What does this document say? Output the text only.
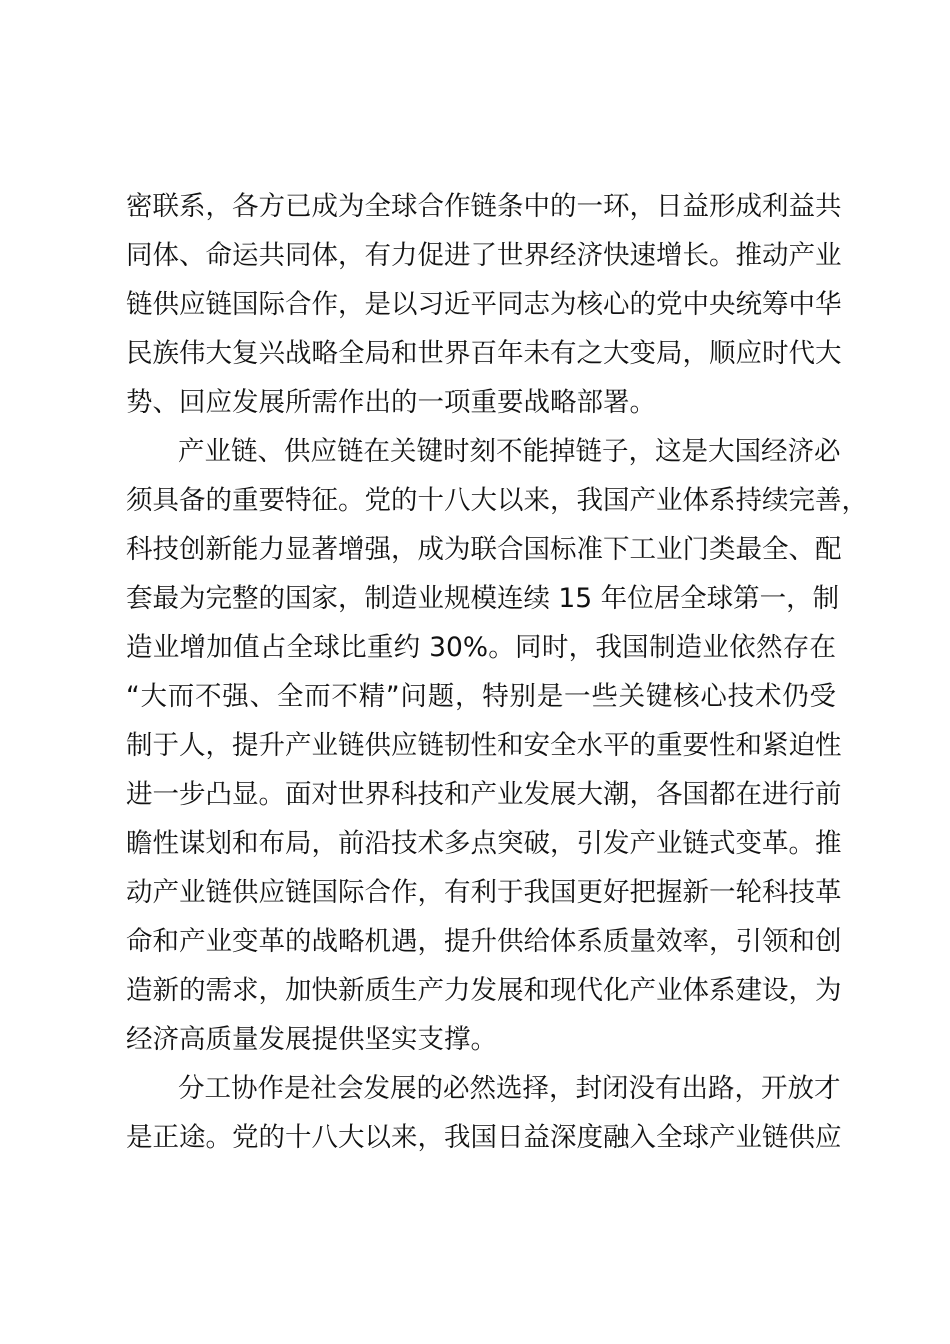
密联系，各方已成为全球合作链条中的一环，日益形成利益共
同体、命运共同体，有力促进了世界经济快速增长。推动产业
链供应链国际合作，是以习近平同志为核心的党中央统筹中华
民族伟大复兴战略全局和世界百年未有之大变局，顺应时代大
势、回应发展所需作出的一项重要战略部署。
产业链、供应链在关键时刻不能掉链子，这是大国经济必
须具备的重要特征。党的十八大以来，我国产业体系持续完善，
科技创新能力显著增强，成为联合国标准下工业门类最全、配
套最为完整的国家，制造业规模连续 15 年位居全球第一，制
造业增加值占全球比重约 30%。同时，我国制造业依然存在
“大而不强、全而不精”问题，特别是一些关键核心技术仍受
制于人，提升产业链供应链韧性和安全水平的重要性和紧迫性
进一步凸显。面对世界科技和产业发展大潮，各国都在进行前
瞻性谋划和布局，前沿技术多点突破，引发产业链式变革。推
动产业链供应链国际合作，有利于我国更好把握新一轮科技革
命和产业变革的战略机遇，提升供给体系质量效率，引领和创
造新的需求，加快新质生产力发展和现代化产业体系建设，为
经济高质量发展提供坚实支撑。
分工协作是社会发展的必然选择，封闭没有出路，开放才
是正途。党的十八大以来，我国日益深度融入全球产业链供应
